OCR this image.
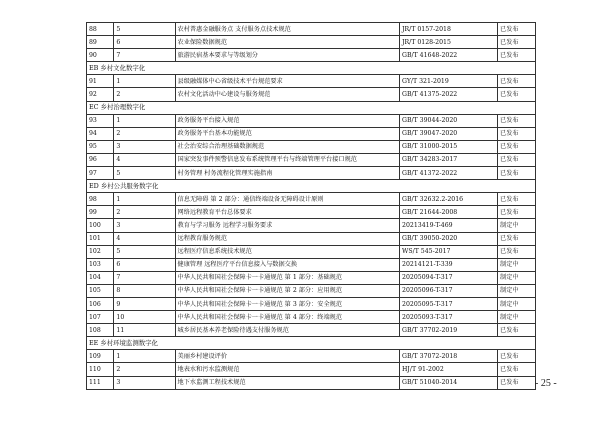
88	5	农村普惠金融服务点 支付服务点技术规范	JR/T 0157-2018	已发布
89	6	农业保险数据规范	JR/T 0128-2015	已发布
90	7	旅游民宿基本要求与等级划分	GB/T 41648-2022	已发布
EB 乡村文化数字化				
91	1	县级融媒体中心省级技术平台规范要求	GY/T 321-2019	已发布
92	2	农村文化活动中心建设与服务规范	GB/T 41375-2022	已发布
EC 乡村治理数字化				
93	1	政务服务平台接入规范	GB/T 39044-2020	已发布
94	2	政务服务平台基本功能规范	GB/T 39047-2020	已发布
95	3	社会治安综合治理基础数据规范	GB/T 31000-2015	已发布
96	4	国家突发事件预警信息发布系统管理平台与终端管理平台接口规范	GB/T 34283-2017	已发布
97	5	村务管理 村务流程化管理实施指南	GB/T 41372-2022	已发布
ED 乡村公共服务数字化				
98	1	信息无障碍 第 2 部分：通信终端设备无障碍设计原则	GB/T 32632.2-2016	已发布
99	2	网络远程教育平台总体要求	GB/T 21644-2008	已发布
100	3	教育与学习服务 远程学习服务要求	20213419-T-469	制定中
101	4	远程教育服务规范	GB/T 39050-2020	已发布
102	5	远程医疗信息系统技术规范	WS/T 545-2017	已发布
103	6	健康管理 远程医疗平台信息接入与数据交换	20214121-T-339	制定中
104	7	中华人民共和国社会保障卡一卡通规范 第 1 部分：基础规范	20205094-T-317	制定中
105	8	中华人民共和国社会保障卡一卡通规范 第 2 部分：应用规范	20205096-T-317	制定中
106	9	中华人民共和国社会保障卡一卡通规范 第 3 部分：安全规范	20205095-T-317	制定中
107	10	中华人民共和国社会保障卡一卡通规范 第 4 部分：终端规范	20205093-T-317	制定中
108	11	城乡居民基本养老保险待遇支付服务规范	GB/T 37702-2019	已发布
EE 乡村环境监测数字化				
109	1	美丽乡村建设评价	GB/T 37072-2018	已发布
110	2	地表水和污水监测规范	HJ/T 91-2002	已发布
111	3	地下水监测工程技术规范	GB/T 51040-2014	已发布 - 25 -
